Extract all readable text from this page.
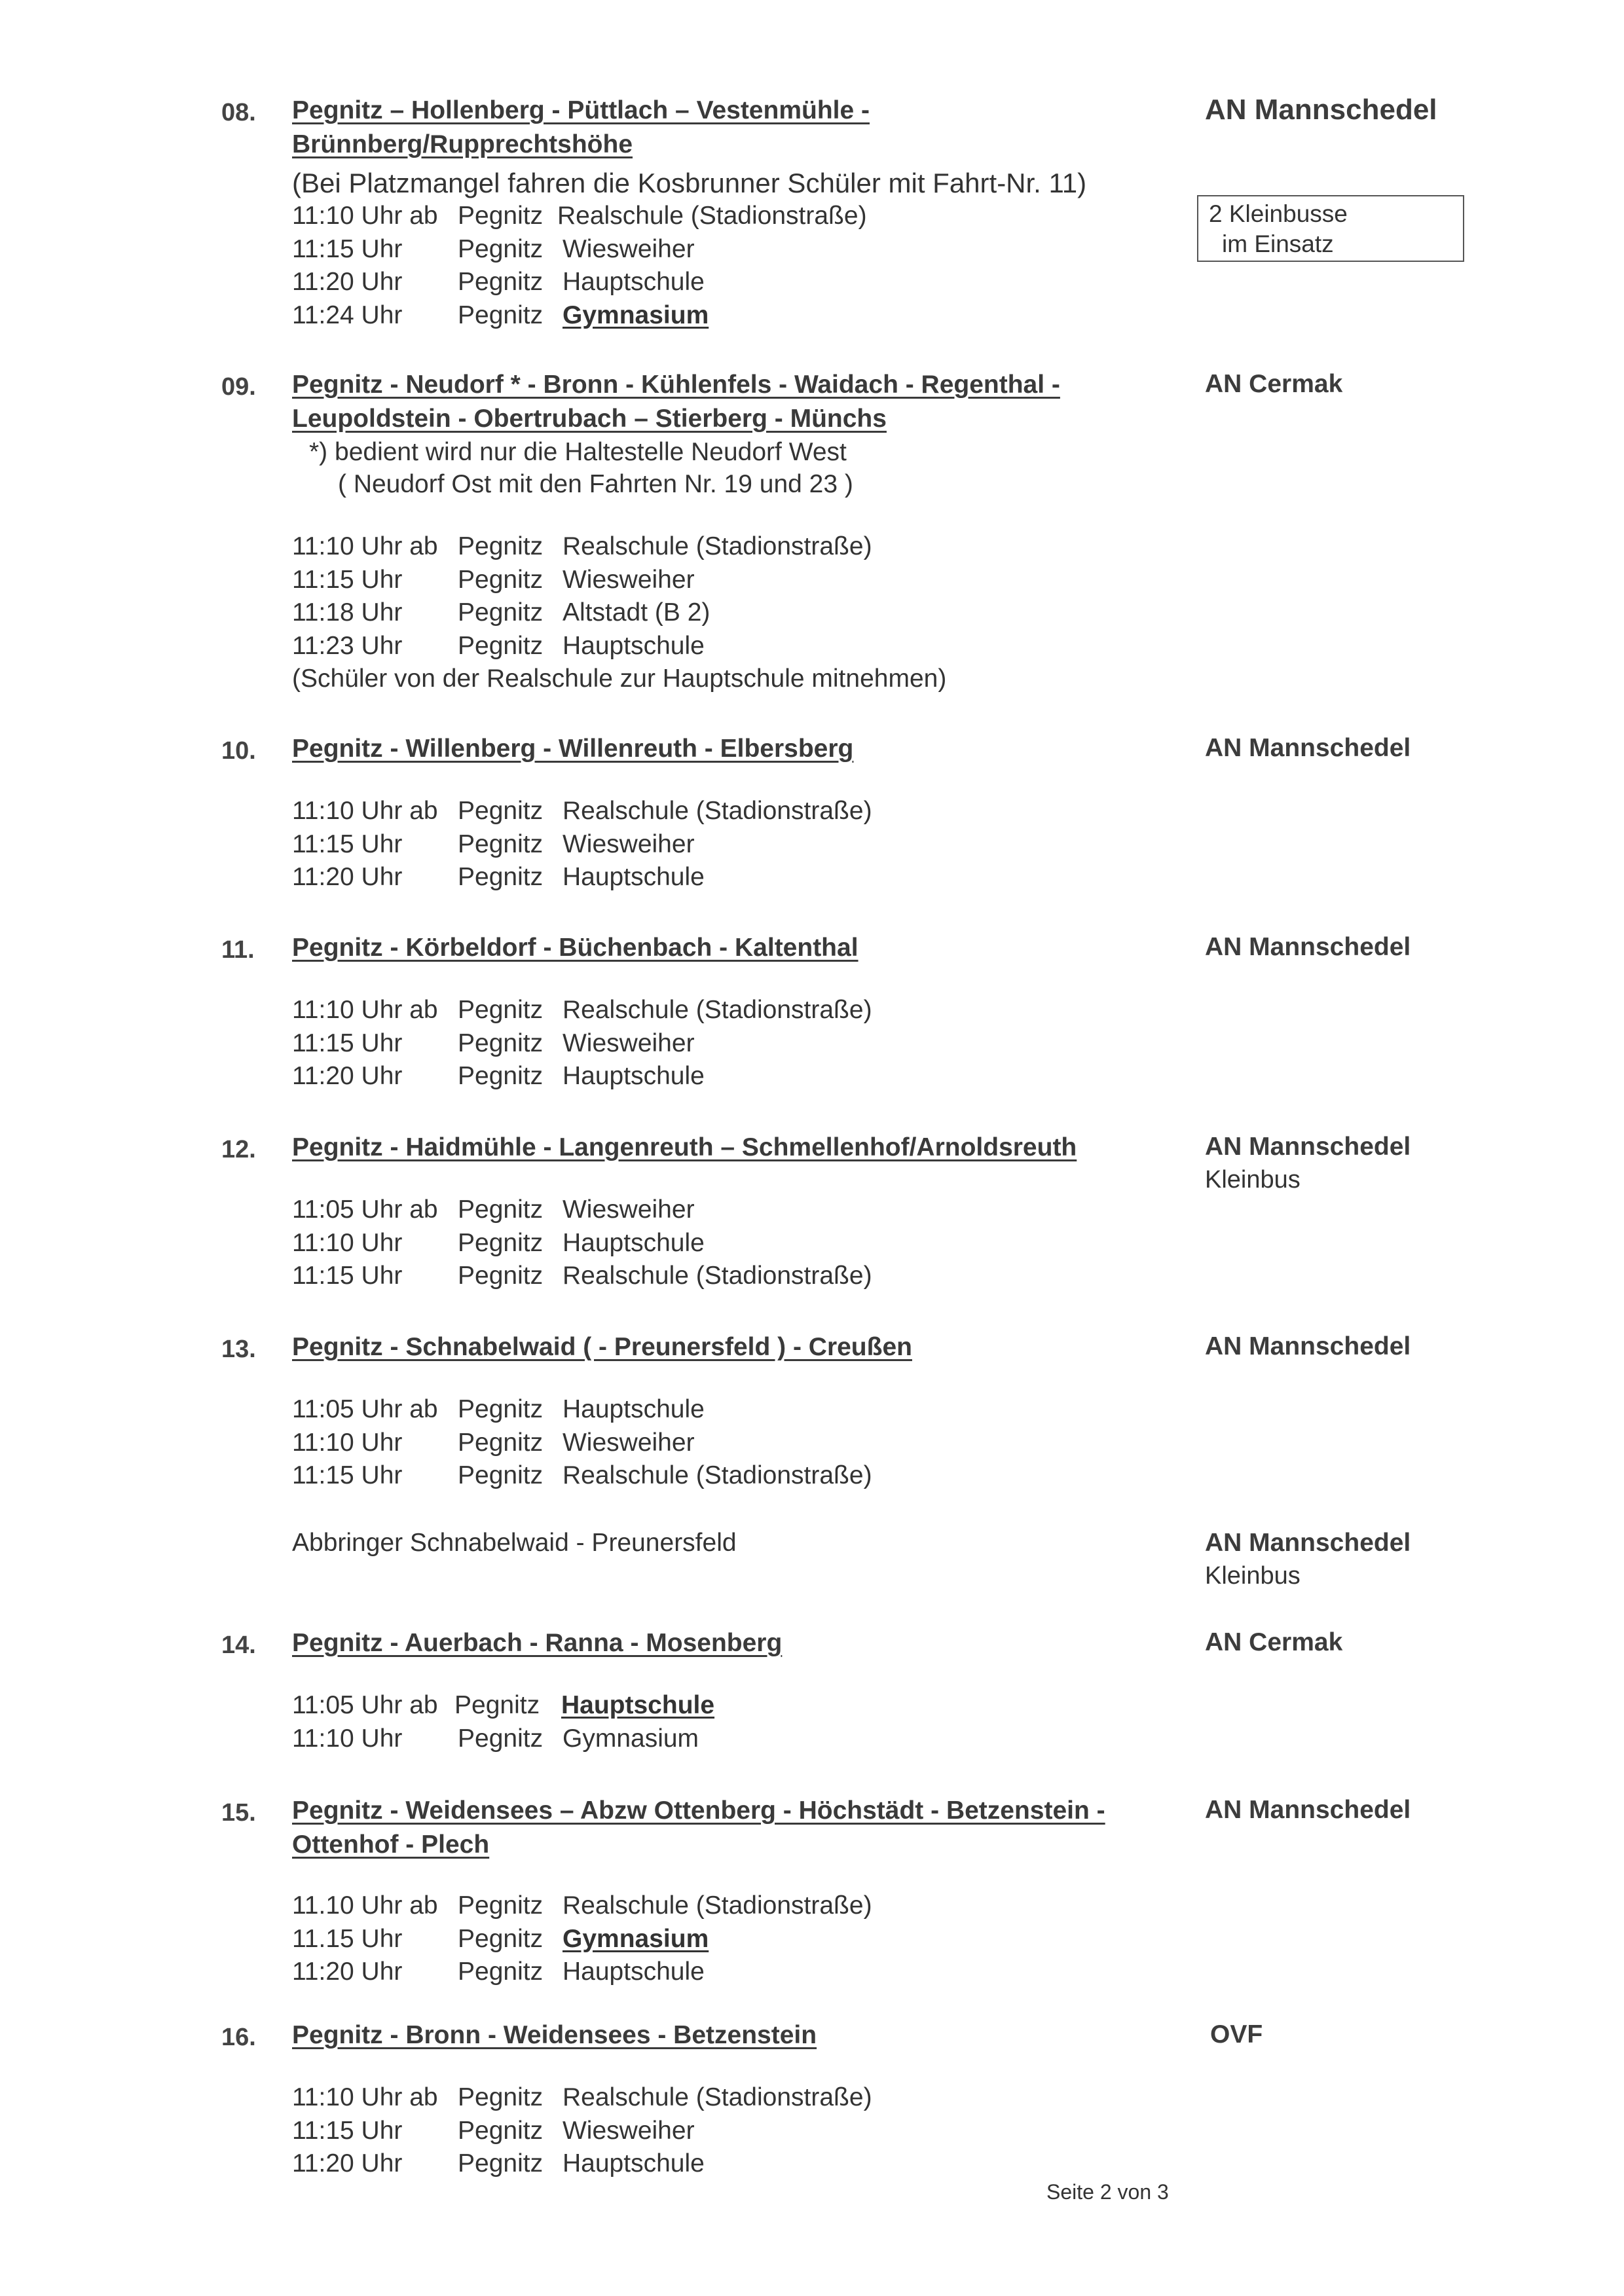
08. Pegnitz – Hollenberg - Püttlach – Vestenmühle - Brünnberg/Rupprechtshöhe
AN Mannschedel
(Bei Platzmangel fahren die Kosbrunner Schüler mit Fahrt-Nr. 11)
11:10 Uhr ab Pegnitz Realschule (Stadionstraße)
11:15 Uhr Pegnitz Wiesweiher
11:20 Uhr Pegnitz Hauptschule
11:24 Uhr Pegnitz Gymnasium
2 Kleinbusse
im Einsatz
09. Pegnitz - Neudorf * - Bronn - Kühlenfels - Waidach - Regenthal - Leupoldstein - Obertrubach – Stierberg - Münchs
AN Cermak
*) bedient wird nur die Haltestelle Neudorf West
( Neudorf Ost mit den Fahrten Nr. 19 und 23 )
11:10 Uhr ab Pegnitz Realschule (Stadionstraße)
11:15 Uhr Pegnitz Wiesweiher
11:18 Uhr Pegnitz Altstadt (B 2)
11:23 Uhr Pegnitz Hauptschule
(Schüler von der Realschule zur Hauptschule mitnehmen)
10. Pegnitz - Willenberg - Willenreuth - Elbersberg	AN Mannschedel
11:10 Uhr ab Pegnitz Realschule (Stadionstraße)
11:15 Uhr Pegnitz Wiesweiher
11:20 Uhr Pegnitz Hauptschule
11. Pegnitz - Körbeldorf - Büchenbach - Kaltenthal	AN Mannschedel
11:10 Uhr ab Pegnitz Realschule (Stadionstraße)
11:15 Uhr Pegnitz Wiesweiher
11:20 Uhr Pegnitz Hauptschule
12. Pegnitz - Haidmühle - Langenreuth – Schmellenhof/Arnoldsreuth	AN Mannschedel
Kleinbus
11:05 Uhr ab Pegnitz Wiesweiher
11:10 Uhr Pegnitz Hauptschule
11:15 Uhr Pegnitz Realschule (Stadionstraße)
13. Pegnitz - Schnabelwaid ( - Preunersfeld ) - Creußen	AN Mannschedel
11:05 Uhr ab Pegnitz Hauptschule
11:10 Uhr Pegnitz Wiesweiher
11:15 Uhr Pegnitz Realschule (Stadionstraße)
Abbringer Schnabelwaid - Preunersfeld	AN Mannschedel
Kleinbus
14. Pegnitz - Auerbach - Ranna - Mosenberg	AN Cermak
11:05 Uhr ab Pegnitz Hauptschule
11:10 Uhr Pegnitz Gymnasium
15. Pegnitz - Weidensees – Abzw Ottenberg - Höchstädt - Betzenstein - Ottenhof - Plech
AN Mannschedel
11.10 Uhr ab Pegnitz Realschule (Stadionstraße)
11.15 Uhr Pegnitz Gymnasium
11:20 Uhr Pegnitz Hauptschule
16. Pegnitz - Bronn - Weidensees - Betzenstein	OVF
11:10 Uhr ab Pegnitz Realschule (Stadionstraße)
11:15 Uhr Pegnitz Wiesweiher
11:20 Uhr Pegnitz Hauptschule
Seite 2 von 3
